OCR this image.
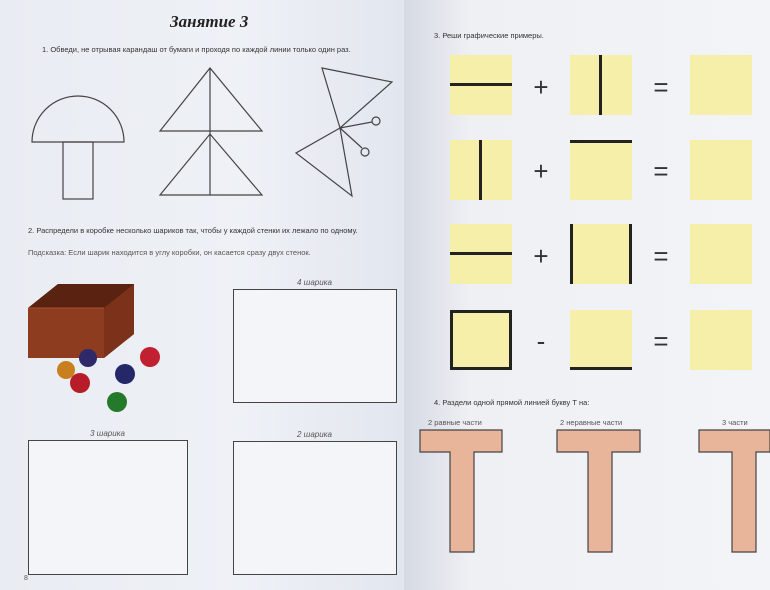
Занятие 3

1. Обведи, не отрывая карандаш от бумаги и проходя по каждой линии только один раз.

2. Распредели в коробке несколько шариков так, чтобы у каждой стенки их лежало по одному.

Подсказка: Если шарик находится в углу коробки, он касается сразу двух стенок.

4 шарика
3 шарика	2 шарика
8

3. Реши графические примеры.

+	=
+	=
+	=
-	=

4. Раздели одной прямой линией букву Т на:

2 равные части	2 неравные части	3 части
